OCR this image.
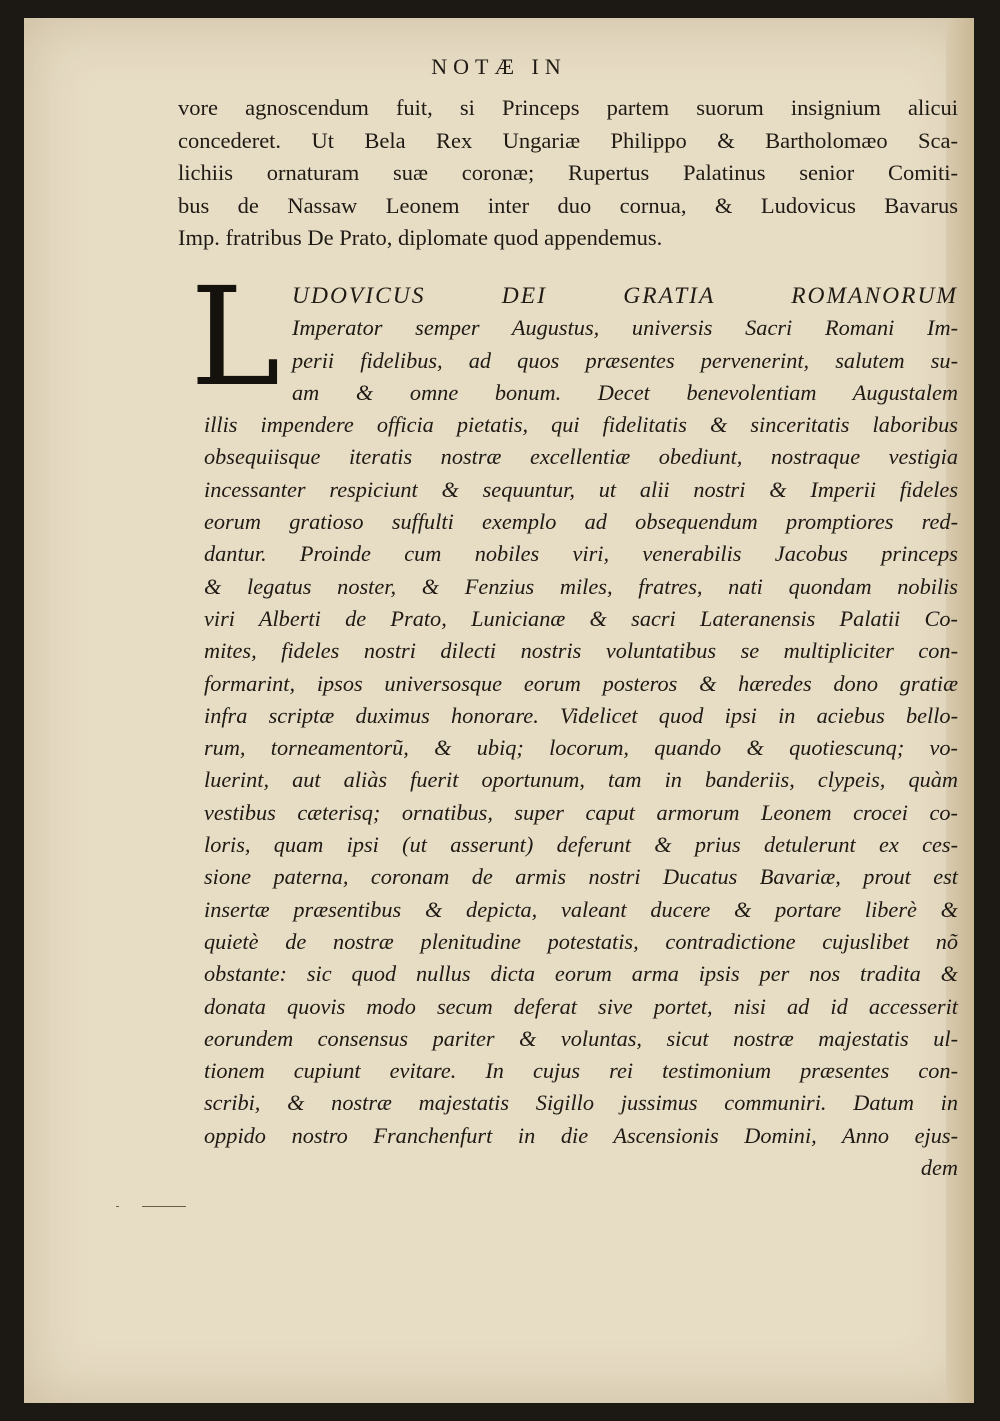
NOTÆ IN
vore agnoscendum fuit, si Princeps partem suorum insignium alicui
concederet. Ut Bela Rex Ungariæ Philippo & Bartholomæo Sca-
lichiis ornaturam suæ coronæ; Rupertus Palatinus senior Comiti-
bus de Nassaw Leonem inter duo cornua, & Ludovicus Bavarus
Imp. fratribus De Prato, diplomate quod appendemus.
L UDOVICUS DEI GRATIA ROMANORUM
Imperator semper Augustus, universis Sacri Romani Im-
perii fidelibus, ad quos præsentes pervenerint, salutem su-
am & omne bonum. Decet benevolentiam Augustalem
illis impendere officia pietatis, qui fidelitatis & sinceritatis laboribus
obsequiisque iteratis nostræ excellentiæ obediunt, nostraque vestigia
incessanter respiciunt & sequuntur, ut alii nostri & Imperii fideles
eorum gratioso suffulti exemplo ad obsequendum promptiores red-
dantur. Proinde cum nobiles viri, venerabilis Jacobus princeps
& legatus noster, & Fenzius miles, fratres, nati quondam nobilis
viri Alberti de Prato, Lunicianæ & sacri Lateranensis Palatii Co-
mites, fideles nostri dilecti nostris voluntatibus se multipliciter con-
formarint, ipsos universosque eorum posteros & hæredes dono gratiæ
infra scriptæ duximus honorare. Videlicet quod ipsi in aciebus bello-
rum, torneamentorũ, & ubiq; locorum, quando & quotiescunq; vo-
luerint, aut aliàs fuerit oportunum, tam in banderiis, clypeis, quàm
vestibus cæterisq; ornatibus, super caput armorum Leonem crocei co-
loris, quam ipsi (ut asserunt) deferunt & prius detulerunt ex ces-
sione paterna, coronam de armis nostri Ducatus Bavariæ, prout est
insertæ præsentibus & depicta, valeant ducere & portare liberè &
quietè de nostræ plenitudine potestatis, contradictione cujuslibet nõ
obstante: sic quod nullus dicta eorum arma ipsis per nos tradita &
donata quovis modo secum deferat sive portet, nisi ad id accesserit
eorundem consensus pariter & voluntas, sicut nostræ majestatis ul-
tionem cupiunt evitare. In cujus rei testimonium præsentes con-
scribi, & nostræ majestatis Sigillo jussimus communiri. Datum in
oppido nostro Franchenfurt in die Ascensionis Domini, Anno ejus-
dem
